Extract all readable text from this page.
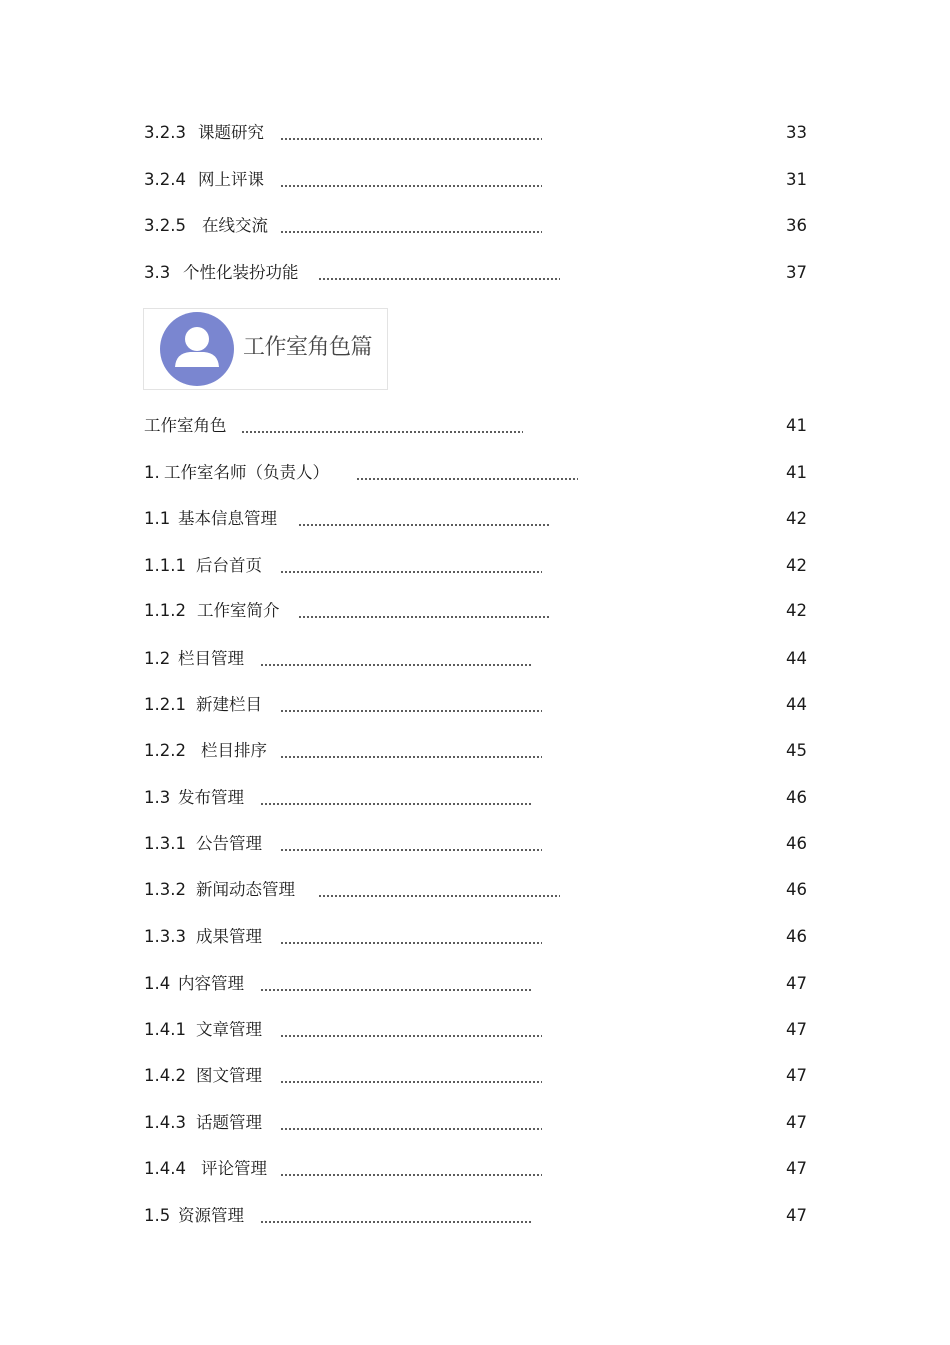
3.2.3 课题研究	33
3.2.4 网上评课	31
3.2.5 在线交流	36
3.3 个性化装扮功能	37
工作室角色篇
工作室角色	41
1. 工作室名师（负责人）	41
1.1 基本信息管理	42
1.1.1 后台首页	42
1.1.2 工作室简介	42
1.2 栏目管理	44
1.2.1 新建栏目	44
1.2.2 栏目排序	45
1.3 发布管理	46
1.3.1 公告管理	46
1.3.2 新闻动态管理	46
1.3.3 成果管理	46
1.4 内容管理	47
1.4.1 文章管理	47
1.4.2 图文管理	47
1.4.3 话题管理	47
1.4.4 评论管理	47
1.5 资源管理	47
